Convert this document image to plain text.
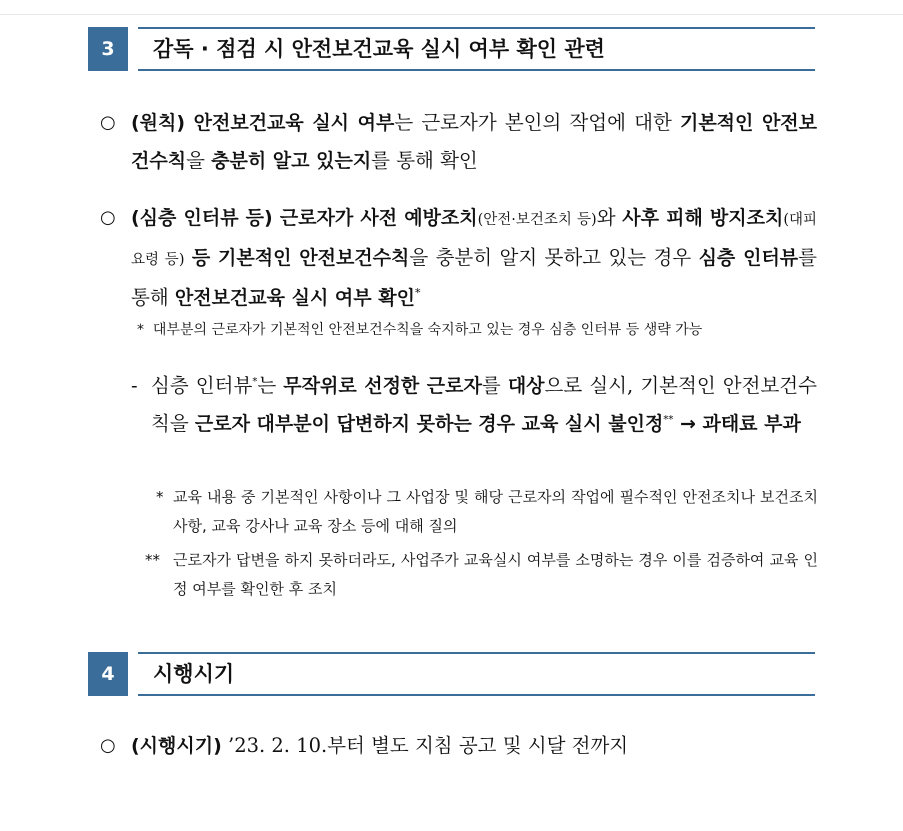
3	감독 · 점검 시 안전보건교육 실시 여부 확인 관련
○ (원칙) 안전보건교육 실시 여부는 근로자가 본인의 작업에 대한 기본적인 안전보건수칙을 충분히 알고 있는지를 통해 확인
○ (심층 인터뷰 등) 근로자가 사전 예방조치(안전·보건조치 등)와 사후 피해 방지조치(대피요령 등) 등 기본적인 안전보건수칙을 충분히 알지 못하고 있는 경우 심층 인터뷰를 통해 안전보건교육 실시 여부 확인*
* 대부분의 근로자가 기본적인 안전보건수칙을 숙지하고 있는 경우 심층 인터뷰 등 생략 가능
- 심층 인터뷰*는 무작위로 선정한 근로자를 대상으로 실시, 기본적인 안전보건수칙을 근로자 대부분이 답변하지 못하는 경우 교육 실시 불인정** → 과태료 부과
* 교육 내용 중 기본적인 사항이나 그 사업장 및 해당 근로자의 작업에 필수적인 안전조치나 보건조치 사항, 교육 강사나 교육 장소 등에 대해 질의
** 근로자가 답변을 하지 못하더라도, 사업주가 교육실시 여부를 소명하는 경우 이를 검증하여 교육 인정 여부를 확인한 후 조치
4	시행시기
○ (시행시기) ’23. 2. 10.부터 별도 지침 공고 및 시달 전까지
